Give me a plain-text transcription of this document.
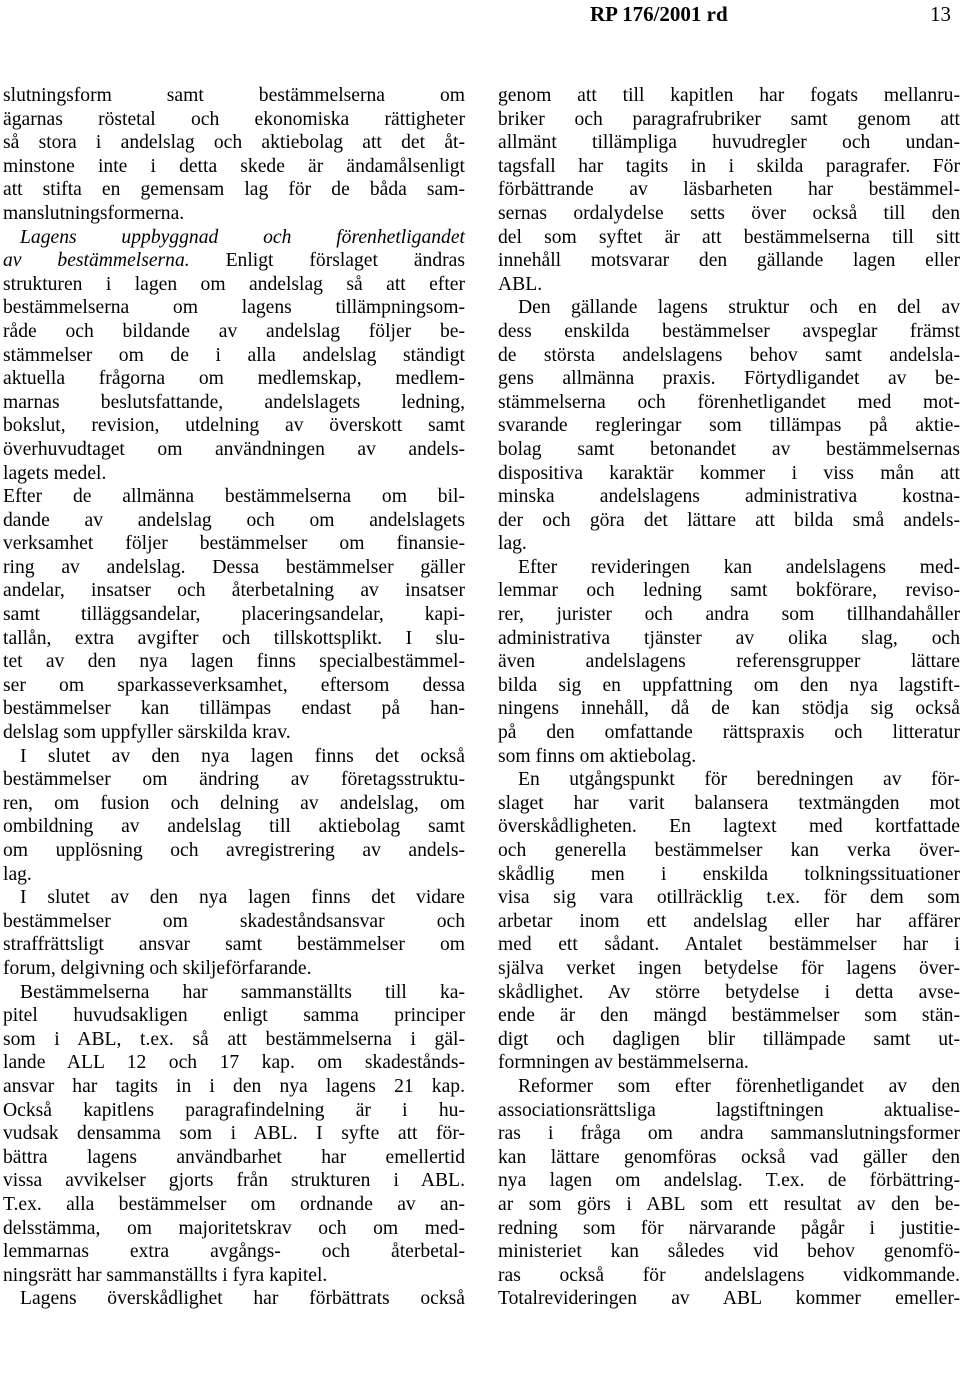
RP 176/2001 rd	13

slutningsform samt bestämmelserna om

ägarnas röstetal och ekonomiska rättigheter

så stora i andelslag och aktiebolag att det åt-

minstone inte i detta skede är ändamålsenligt

att stifta en gemensam lag för de båda sam-

manslutningsformerna.

Lagens uppbyggnad och förenhetligandet

av bestämmelserna. Enligt förslaget ändras

strukturen i lagen om andelslag så att efter

bestämmelserna om lagens tillämpningsom-

råde och bildande av andelslag följer be-

stämmelser om de i alla andelslag ständigt

aktuella frågorna om medlemskap, medlem-

marnas beslutsfattande, andelslagets ledning,

bokslut, revision, utdelning av överskott samt

överhuvudtaget om användningen av andels-

lagets medel.

Efter de allmänna bestämmelserna om bil-

dande av andelslag och om andelslagets

verksamhet följer bestämmelser om finansie-

ring av andelslag. Dessa bestämmelser gäller

andelar, insatser och återbetalning av insatser

samt tilläggsandelar, placeringsandelar, kapi-

tallån, extra avgifter och tillskottsplikt. I slu-

tet av den nya lagen finns specialbestämmel-

ser om sparkasseverksamhet, eftersom dessa

bestämmelser kan tillämpas endast på han-

delslag som uppfyller särskilda krav.

I slutet av den nya lagen finns det också

bestämmelser om ändring av företagsstruktu-

ren, om fusion och delning av andelslag, om

ombildning av andelslag till aktiebolag samt

om upplösning och avregistrering av andels-

lag.

I slutet av den nya lagen finns det vidare

bestämmelser om skadeståndsansvar och

straffrättsligt ansvar samt bestämmelser om

forum, delgivning och skiljeförfarande.

Bestämmelserna har sammanställts till ka-

pitel huvudsakligen enligt samma principer

som i ABL, t.ex. så att bestämmelserna i gäl-

lande ALL 12 och 17 kap. om skadestånds-

ansvar har tagits in i den nya lagens 21 kap.

Också kapitlens paragrafindelning är i hu-

vudsak densamma som i ABL. I syfte att för-

bättra lagens användbarhet har emellertid

vissa avvikelser gjorts från strukturen i ABL.

T.ex. alla bestämmelser om ordnande av an-

delsstämma, om majoritetskrav och om med-

lemmarnas extra avgångs- och återbetal-

ningsrätt har sammanställts i fyra kapitel.

Lagens överskådlighet har förbättrats också

genom att till kapitlen har fogats mellanru-

briker och paragrafrubriker samt genom att

allmänt tillämpliga huvudregler och undan-

tagsfall har tagits in i skilda paragrafer. För

förbättrande av läsbarheten har bestämmel-

sernas ordalydelse setts över också till den

del som syftet är att bestämmelserna till sitt

innehåll motsvarar den gällande lagen eller

ABL.

Den gällande lagens struktur och en del av

dess enskilda bestämmelser avspeglar främst

de största andelslagens behov samt andelsla-

gens allmänna praxis. Förtydligandet av be-

stämmelserna och förenhetligandet med mot-

svarande regleringar som tillämpas på aktie-

bolag samt betonandet av bestämmelsernas

dispositiva karaktär kommer i viss mån att

minska andelslagens administrativa kostna-

der och göra det lättare att bilda små andels-

lag.

Efter revideringen kan andelslagens med-

lemmar och ledning samt bokförare, reviso-

rer, jurister och andra som tillhandahåller

administrativa tjänster av olika slag, och

även andelslagens referensgrupper lättare

bilda sig en uppfattning om den nya lagstift-

ningens innehåll, då de kan stödja sig också

på den omfattande rättspraxis och litteratur

som finns om aktiebolag.

En utgångspunkt för beredningen av för-

slaget har varit balansera textmängden mot

överskådligheten. En lagtext med kortfattade

och generella bestämmelser kan verka över-

skådlig men i enskilda tolkningssituationer

visa sig vara otillräcklig t.ex. för dem som

arbetar inom ett andelslag eller har affärer

med ett sådant. Antalet bestämmelser har i

själva verket ingen betydelse för lagens över-

skådlighet. Av större betydelse i detta avse-

ende är den mängd bestämmelser som stän-

digt och dagligen blir tillämpade samt ut-

formningen av bestämmelserna.

Reformer som efter förenhetligandet av den

associationsrättsliga lagstiftningen aktualise-

ras i fråga om andra sammanslutningsformer

kan lättare genomföras också vad gäller den

nya lagen om andelslag. T.ex. de förbättring-

ar som görs i ABL som ett resultat av den be-

redning som för närvarande pågår i justitie-

ministeriet kan således vid behov genomfö-

ras också för andelslagens vidkommande.

Totalrevideringen av ABL kommer emeller-
